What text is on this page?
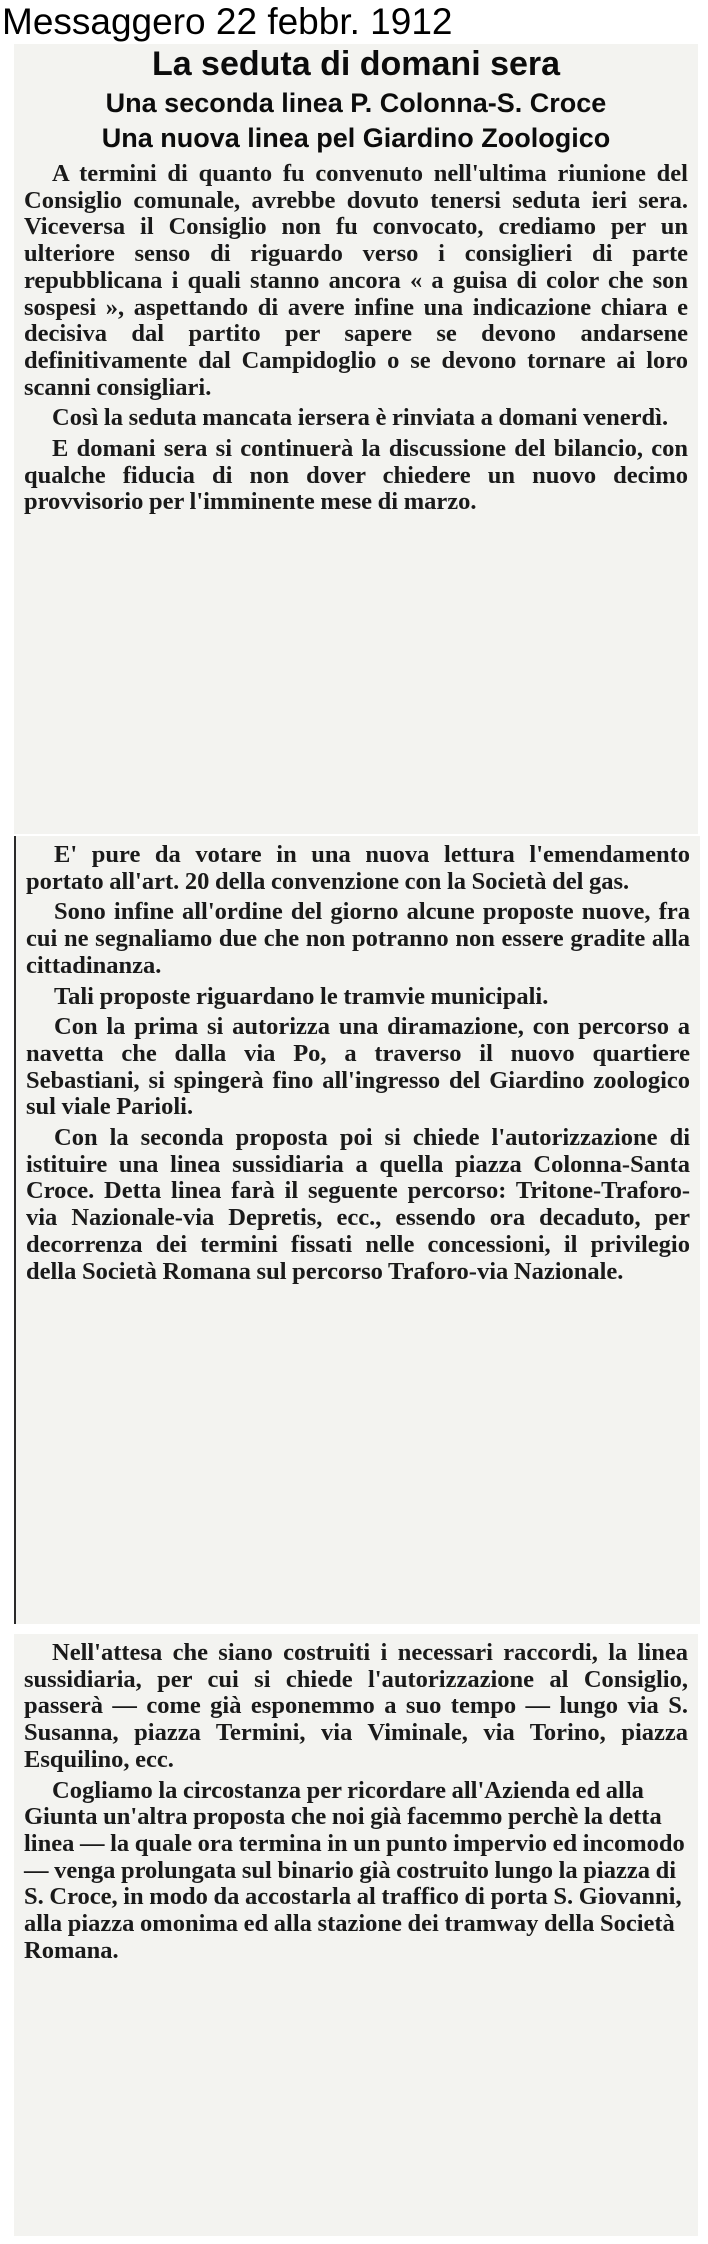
Messaggero 22 febbr. 1912
La seduta di domani sera
Una seconda linea P. Colonna-S. Croce
Una nuova linea pel Giardino Zoologico

A termini di quanto fu convenuto nell'ultima riunione del Consiglio comunale, avrebbe dovuto tenersi seduta ieri sera. Viceversa il Consiglio non fu convocato, crediamo per un ulteriore senso di riguardo verso i consiglieri di parte repubblicana i quali stanno ancora « a guisa di color che son sospesi », aspettando di avere infine una indicazione chiara e decisiva dal partito per sapere se devono andarsene definitivamente dal Campidoglio o se devono tornare ai loro scanni consigliari.

Così la seduta mancata iersera è rinviata a domani venerdì.

E domani sera si continuerà la discussione del bilancio, con qualche fiducia di non dover chiedere un nuovo decimo provvisorio per l'imminente mese di marzo.

E' pure da votare in una nuova lettura l'emendamento portato all'art. 20 della convenzione con la Società del gas.

Sono infine all'ordine del giorno alcune proposte nuove, fra cui ne segnaliamo due che non potranno non essere gradite alla cittadinanza.

Tali proposte riguardano le tramvie municipali.

Con la prima si autorizza una diramazione, con percorso a navetta che dalla via Po, a traverso il nuovo quartiere Sebastiani, si spingerà fino all'ingresso del Giardino zoologico sul viale Parioli.

Con la seconda proposta poi si chiede l'autorizzazione di istituire una linea sussidiaria a quella piazza Colonna-Santa Croce. Detta linea farà il seguente percorso: Tritone-Traforo-via Nazionale-via Depretis, ecc., essendo ora decaduto, per decorrenza dei termini fissati nelle concessioni, il privilegio della Società Romana sul percorso Traforo-via Nazionale.

Nell'attesa che siano costruiti i necessari raccordi, la linea sussidiaria, per cui si chiede l'autorizzazione al Consiglio, passerà — come già esponemmo a suo tempo — lungo via S. Susanna, piazza Termini, via Viminale, via Torino, piazza Esquilino, ecc.

Cogliamo la circostanza per ricordare all'Azienda ed alla Giunta un'altra proposta che noi già facemmo perchè la detta linea — la quale ora termina in un punto impervio ed incomodo — venga prolungata sul binario già costruito lungo la piazza di S. Croce, in modo da accostarla al traffico di porta S. Giovanni, alla piazza omonima ed alla stazione dei tramway della Società Romana.
